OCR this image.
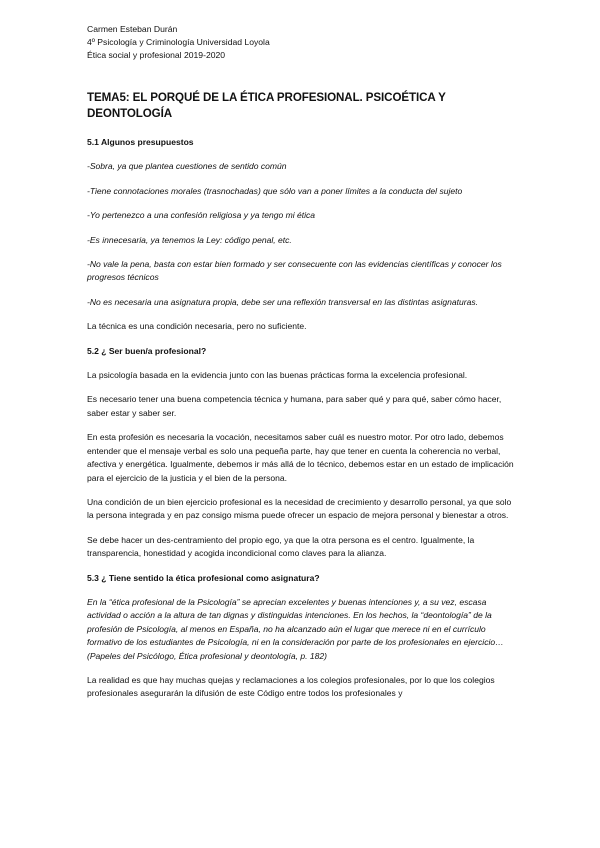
Carmen Esteban Durán
4º Psicología y Criminología Universidad Loyola
Ética social y profesional 2019-2020
TEMA5: EL PORQUÉ DE LA ÉTICA PROFESIONAL. PSICOÉTICA Y DEONTOLOGÍA

5.1 Algunos presupuestos

-Sobra, ya que plantea cuestiones de sentido común

-Tiene connotaciones morales (trasnochadas) que sólo van a poner límites a la conducta del sujeto

-Yo pertenezco a una confesión religiosa y ya tengo mi ética

-Es innecesaria, ya tenemos la Ley: código penal, etc.

-No vale la pena, basta con estar bien formado y ser consecuente con las evidencias científicas y conocer los progresos técnicos

-No es necesaria una asignatura propia, debe ser una reflexión transversal en las distintas asignaturas.

La técnica es una condición necesaria, pero no suficiente.

5.2 ¿ Ser buen/a profesional?

La psicología basada en la evidencia junto con las buenas prácticas forma la excelencia profesional.

Es necesario tener una buena competencia técnica y humana, para saber qué y para qué, saber cómo hacer, saber estar y saber ser.

En esta profesión es necesaria la vocación, necesitamos saber cuál es nuestro motor. Por otro lado, debemos entender que el mensaje verbal es solo una pequeña parte, hay que tener en cuenta la coherencia no verbal, afectiva y energética. Igualmente, debemos ir más allá de lo técnico, debemos estar en un estado de implicación para el ejercicio de la justicia y el bien de la persona.

Una condición de un bien ejercicio profesional es la necesidad de crecimiento y desarrollo personal, ya que solo la persona integrada y en paz consigo misma puede ofrecer un espacio de mejora personal y bienestar a otros.

Se debe hacer un des-centramiento del propio ego, ya que la otra persona es el centro. Igualmente, la transparencia, honestidad y acogida incondicional como claves para la alianza.

5.3 ¿ Tiene sentido la ética profesional como asignatura?

En la “ética profesional de la Psicología” se aprecian excelentes y buenas intenciones y, a su vez, escasa actividad o acción a la altura de tan dignas y distinguidas intenciones. En los hechos, la “deontología” de la profesión de Psicología, al menos en España, no ha alcanzado aún el lugar que merece ni en el currículo formativo de los estudiantes de Psicología, ni en la consideración por parte de los profesionales en ejercicio… (Papeles del Psicólogo, Ética profesional y deontología, p. 182)

La realidad es que hay muchas quejas y reclamaciones a los colegios profesionales, por lo que los colegios profesionales asegurarán la difusión de este Código entre todos los profesionales y
